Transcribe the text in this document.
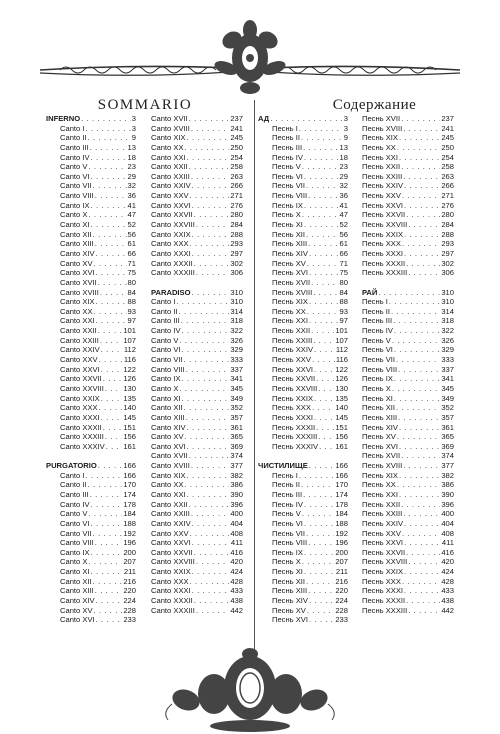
SOMMARIO	Содержание
INFERNO . . .	3
Canto I . . .	3
Canto II . . .	9
Canto III . . .	13
Canto IV . . .	18
Canto V . . .	23
Canto VI . . .	29
Canto VII . . .	32
Canto VIII . . .	36
Canto IX . . .	41
Canto X . . .	47
Canto XI . . .	52
Canto XII . . .	56
Canto XIII . . .	61
Canto XIV . . .	66
Canto XV . . .	71
Canto XVI . . .	75
Canto XVII . . .	80
Canto XVIII . . .	84
Canto XIX . . .	88
Canto XX . . .	93
Canto XXI . . .	97
Canto XXII . . .	101
Canto XXIII . . .	107
Canto XXIV . . .	112
Canto XXV . . .	116
Canto XXVI . . .	122
Canto XXVII . . .	126
Canto XXVIII . . .	130
Canto XXIX . . .	135
Canto XXX . . .	140
Canto XXXI . . .	145
Canto XXXII . . .	151
Canto XXXIII . . .	156
Canto XXXIV . . . 161
PURGATORIO . . .	166
Canto I . . .	166
Canto II . . .	170
Canto III . . .	174
Canto IV . . .	178
Canto V . . .	184
Canto VI . . .	188
Canto VII . . .	192
Canto VIII . . .	196
Canto IX . . .	200
Canto X . . .	207
Canto XI . . .	211
Canto XII . . .	216
Canto XIII . . .	220
Canto XIV . . .	224
Canto XV . . .	228
Canto XVI . . .	233
Canto XVII . . .	237
Canto XVIII . . .	241
Canto XIX . . .	245
Canto XX . . .	250
Canto XXI . . .	254
Canto XXII . . .	258
Canto XXIII . . .	263
Canto XXIV . . .	266
Canto XXV . . .	271
Canto XXVI . . .	276
Canto XXVII . . .	280
Canto XXVIII . . .	284
Canto XXIX . . .	288
Canto XXX . . .	293
Canto XXXI . . .	297
Canto XXXII . . .	302
Canto XXXIII . . .	306
PARADISO . . .	310
Canto I . . .	310
Canto II . . .	314
Canto III . . .	318
Canto IV . . .	322
Canto V . . .	326
Canto VI . . .	329
Canto VII . . .	333
Canto VIII . . .	337
Canto IX . . .	341
Canto X . . .	345
Canto XI . . .	349
Canto XII . . .	352
Canto XIII . . .	357
Canto XIV . . .	361
Canto XV . . .	365
Canto XVI . . .	369
Canto XVII . . .	374
Canto XVIII . . .	377
Canto XIX . . .	382
Canto XX . . .	386
Canto XXI . . .	390
Canto XXII . . .	396
Canto XXIII . . .	400
Canto XXIV . . .	404
Canto XXV . . .	408
Canto XXVI . . .	411
Canto XXVII . . .	416
Canto XXVIII . . .	420
Canto XXIX . . .	424
Canto XXX . . .	428
Canto XXXI . . .	433
Canto XXXII . . .	438
Canto XXXIII . . .	442
АД . . .	3
Песнь I . . .	3
Песнь II . . .	9
Песнь III . . .	13
Песнь IV . . .	18
Песнь V . . .	23
Песнь VI . . .	29
Песнь VII . . .	32
Песнь VIII . . .	36
Песнь IX . . .	41
Песнь X . . .	47
Песнь XI . . .	52
Песнь XII . . .	56
Песнь XIII . . .	61
Песнь XIV . . .	66
Песнь XV . . .	71
Песнь XVI . . .	75
Песнь XVII . . .	80
Песнь XVIII . . .	84
Песнь XIX . . .	88
Песнь XX . . .	93
Песнь XXI . . .	97
Песнь XXII . . .	101
Песнь XXIII . . .	107
Песнь XXIV . . .	112
Песнь XXV . . .	116
Песнь XXVI . . .	122
Песнь XXVII . . .	126
Песнь XXVIII . . . 130
Песнь XXIX . . .	135
Песнь XXX . . .	140
Песнь XXXI . . .	145
Песнь XXXII . . .	151
Песнь XXXIII . . . 156
Песнь XXXIV . . . 161
ЧИСТИЛИЩЕ . . .	166
Песнь I . . .	166
Песнь II . . .	170
Песнь III . . .	174
Песнь IV . . .	178
Песнь V . . .	184
Песнь VI . . .	188
Песнь VII . . .	192
Песнь VIII . . .	196
Песнь IX . . .	200
Песнь X . . .	207
Песнь XI . . .	211
Песнь XII . . .	216
Песнь XIII . . .	220
Песнь XIV . . .	224
Песнь XV . . .	228
Песнь XVI . . .	233
Песнь XVII . . .	237
Песнь XVIII . . .	241
Песнь XIX . . .	245
Песнь XX . . .	250
Песнь XXI . . .	254
Песнь XXII . . .	258
Песнь XXIII . . .	263
Песнь XXIV . . .	266
Песнь XXV . . .	271
Песнь XXVI . . .	276
Песнь XXVII . . .	280
Песнь XXVIII . . .	284
Песнь XXIX . . .	288
Песнь XXX . . .	293
Песнь XXXI . . .	297
Песнь XXXII . . .	302
Песнь XXXIII . . .	306
РАЙ . . .	310
Песнь I . . .	310
Песнь II . . .	314
Песнь III . . .	318
Песнь IV . . .	322
Песнь V . . .	326
Песнь VI . . .	329
Песнь VII . . .	333
Песнь VIII . . .	337
Песнь IX . . .	341
Песнь X . . .	345
Песнь XI . . .	349
Песнь XII . . .	352
Песнь XIII . . .	357
Песнь XIV . . .	361
Песнь XV . . .	365
Песнь XVI . . .	369
Песнь XVII . . .	374
Песнь XVIII . . .	377
Песнь XIX . . .	382
Песнь XX . . .	386
Песнь XXI . . .	390
Песнь XXII . . .	396
Песнь XXIII . . .	400
Песнь XXIV . . .	404
Песнь XXV . . .	408
Песнь XXVI . . .	411
Песнь XXVII . . .	416
Песнь XXVIII . . .	420
Песнь XXIX . . .	424
Песнь XXX . . .	428
Песнь XXXI . . .	433
Песнь XXXII . . .	438
Песнь XXXIII . . .	442
